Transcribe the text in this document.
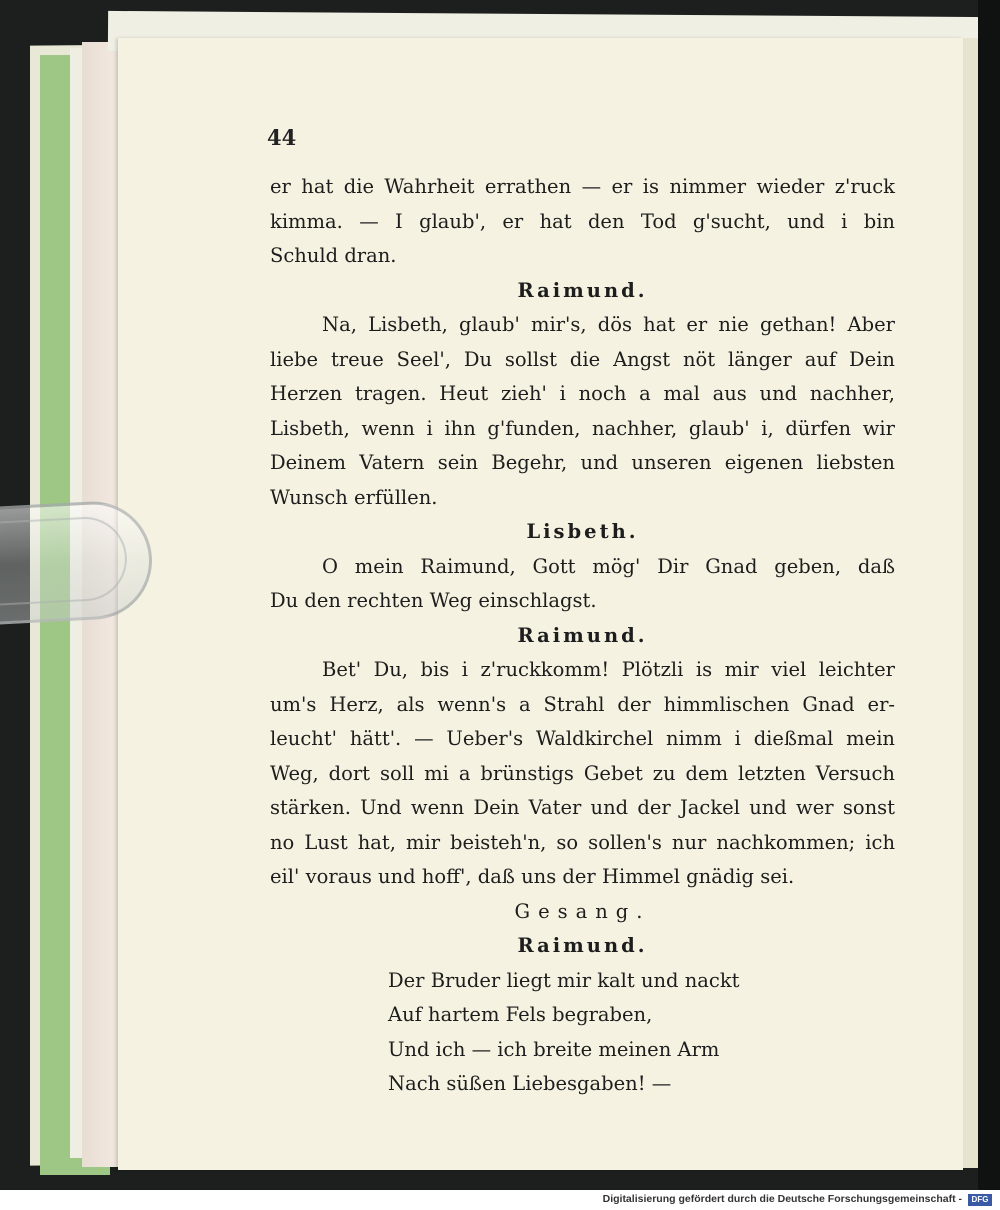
44
er hat die Wahrheit errathen — er is nimmer wieder z'ruck
kimma. — I glaub', er hat den Tod g'sucht, und i bin
Schuld dran.
Raimund.
Na, Lisbeth, glaub' mir's, dös hat er nie gethan! Aber
liebe treue Seel', Du sollst die Angst nöt länger auf Dein
Herzen tragen. Heut zieh' i noch a mal aus und nachher,
Lisbeth, wenn i ihn g'funden, nachher, glaub' i, dürfen wir
Deinem Vatern sein Begehr, und unseren eigenen liebsten
Wunsch erfüllen.
Lisbeth.
O mein Raimund, Gott mög' Dir Gnad geben, daß
Du den rechten Weg einschlagst.
Raimund.
Bet' Du, bis i z'ruckkomm! Plötzli is mir viel leichter
um's Herz, als wenn's a Strahl der himmlischen Gnad er-
leucht' hätt'. — Ueber's Waldkirchel nimm i dießmal mein
Weg, dort soll mi a brünstigs Gebet zu dem letzten Versuch
stärken. Und wenn Dein Vater und der Jackel und wer sonst
no Lust hat, mir beisteh'n, so sollen's nur nachkommen; ich
eil' voraus und hoff', daß uns der Himmel gnädig sei.
Gesang.
Raimund.
Der Bruder liegt mir kalt und nackt
Auf hartem Fels begraben,
Und ich — ich breite meinen Arm
Nach süßen Liebesgaben! —
Digitalisierung gefördert durch die Deutsche Forschungsgemeinschaft -	DFG
